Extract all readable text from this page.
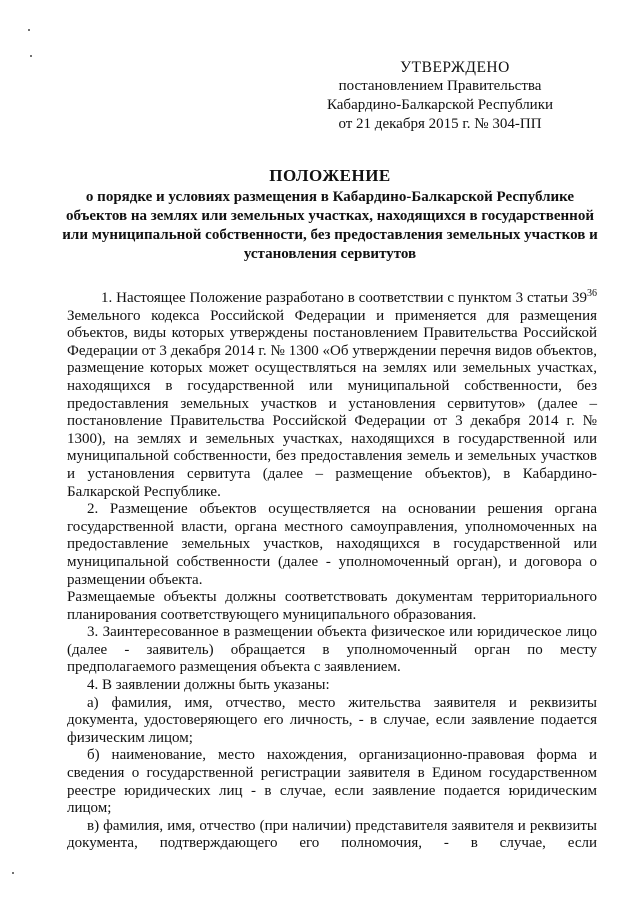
УТВЕРЖДЕНО
постановлением Правительства
Кабардино-Балкарской Республики
от 21 декабря 2015 г. № 304-ПП
ПОЛОЖЕНИЕ
о порядке и условиях размещения в Кабардино-Балкарской Республике объектов на землях или земельных участках, находящихся в государственной или муниципальной собственности, без предоставления земельных участков и установления сервитутов

1. Настоящее Положение разработано в соответствии с пунктом 3 статьи $39^{36}$ Земельного кодекса Российской Федерации и применяется для размещения объектов, виды которых утверждены постановлением Правительства Российской Федерации от 3 декабря 2014 г. № 1300 «Об утверждении перечня видов объектов, размещение которых может осуществляться на землях или земельных участках, находящихся в государственной или муниципальной собственности, без предоставления земельных участков и установления сервитутов» (далее – постановление Правительства Российской Федерации от 3 декабря 2014 г. № 1300), на землях и земельных участках, находящихся в государственной или муниципальной собственности, без предоставления земель и земельных участков и установления сервитута (далее – размещение объектов), в Кабардино-Балкарской Республике.

2. Размещение объектов осуществляется на основании решения органа государственной власти, органа местного самоуправления, уполномоченных на предоставление земельных участков, находящихся в государственной или муниципальной собственности (далее - уполномоченный орган), и договора о размещении объекта.

Размещаемые объекты должны соответствовать документам территориального планирования соответствующего муниципального образования.

3. Заинтересованное в размещении объекта физическое или юридическое лицо (далее - заявитель) обращается в уполномоченный орган по месту предполагаемого размещения объекта с заявлением.

4. В заявлении должны быть указаны:

а) фамилия, имя, отчество, место жительства заявителя и реквизиты документа, удостоверяющего его личность, - в случае, если заявление подается физическим лицом;

б) наименование, место нахождения, организационно-правовая форма и сведения о государственной регистрации заявителя в Едином государственном реестре юридических лиц - в случае, если заявление подается юридическим лицом;

в) фамилия, имя, отчество (при наличии) представителя заявителя и реквизиты документа, подтверждающего его полномочия, - в случае, если
